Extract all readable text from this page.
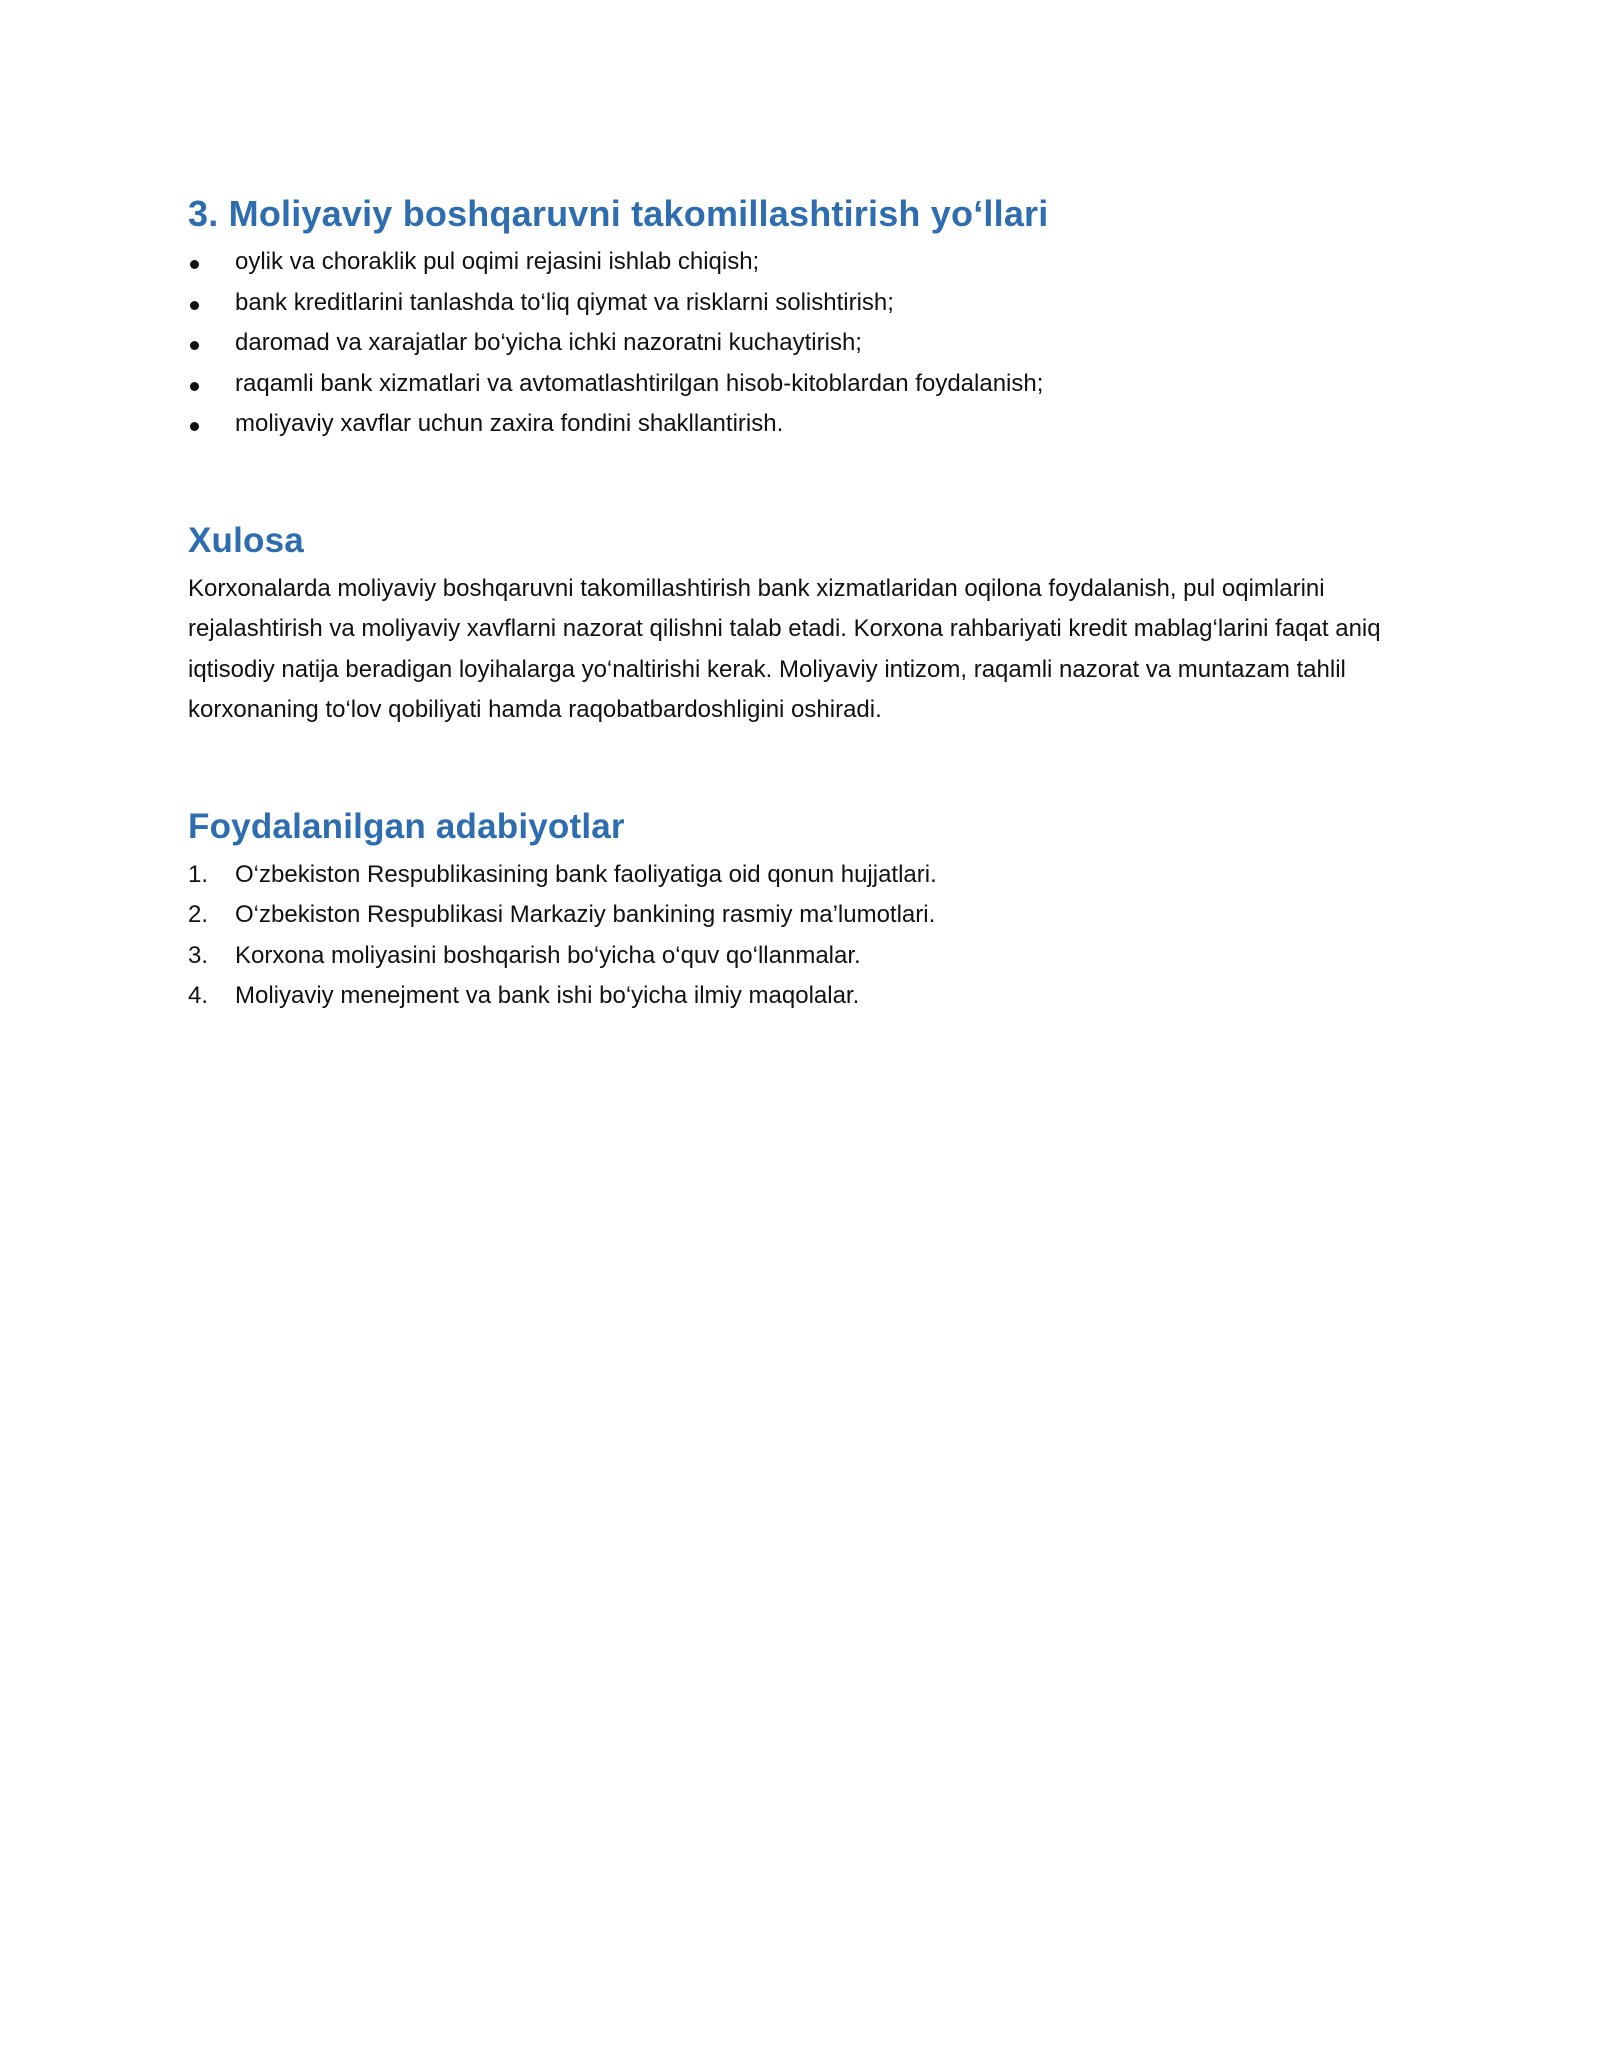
3. Moliyaviy boshqaruvni takomillashtirish yo‘llari
oylik va choraklik pul oqimi rejasini ishlab chiqish;
bank kreditlarini tanlashda to‘liq qiymat va risklarni solishtirish;
daromad va xarajatlar bo‘yicha ichki nazoratni kuchaytirish;
raqamli bank xizmatlari va avtomatlashtirilgan hisob-kitoblardan foydalanish;
moliyaviy xavflar uchun zaxira fondini shakllantirish.
Xulosa

Korxonalarda moliyaviy boshqaruvni takomillashtirish bank xizmatlaridan oqilona foydalanish, pul oqimlarini rejalashtirish va moliyaviy xavflarni nazorat qilishni talab etadi. Korxona rahbariyati kredit mablag‘larini faqat aniq iqtisodiy natija beradigan loyihalarga yo‘naltirishi kerak. Moliyaviy intizom, raqamli nazorat va muntazam tahlil korxonaning to‘lov qobiliyati hamda raqobatbardoshligini oshiradi.

Foydalanilgan adabiyotlar
1.	O‘zbekiston Respublikasining bank faoliyatiga oid qonun hujjatlari.
2.	O‘zbekiston Respublikasi Markaziy bankining rasmiy ma’lumotlari.
3.	Korxona moliyasini boshqarish bo‘yicha o‘quv qo‘llanmalar.
4.	Moliyaviy menejment va bank ishi bo‘yicha ilmiy maqolalar.
